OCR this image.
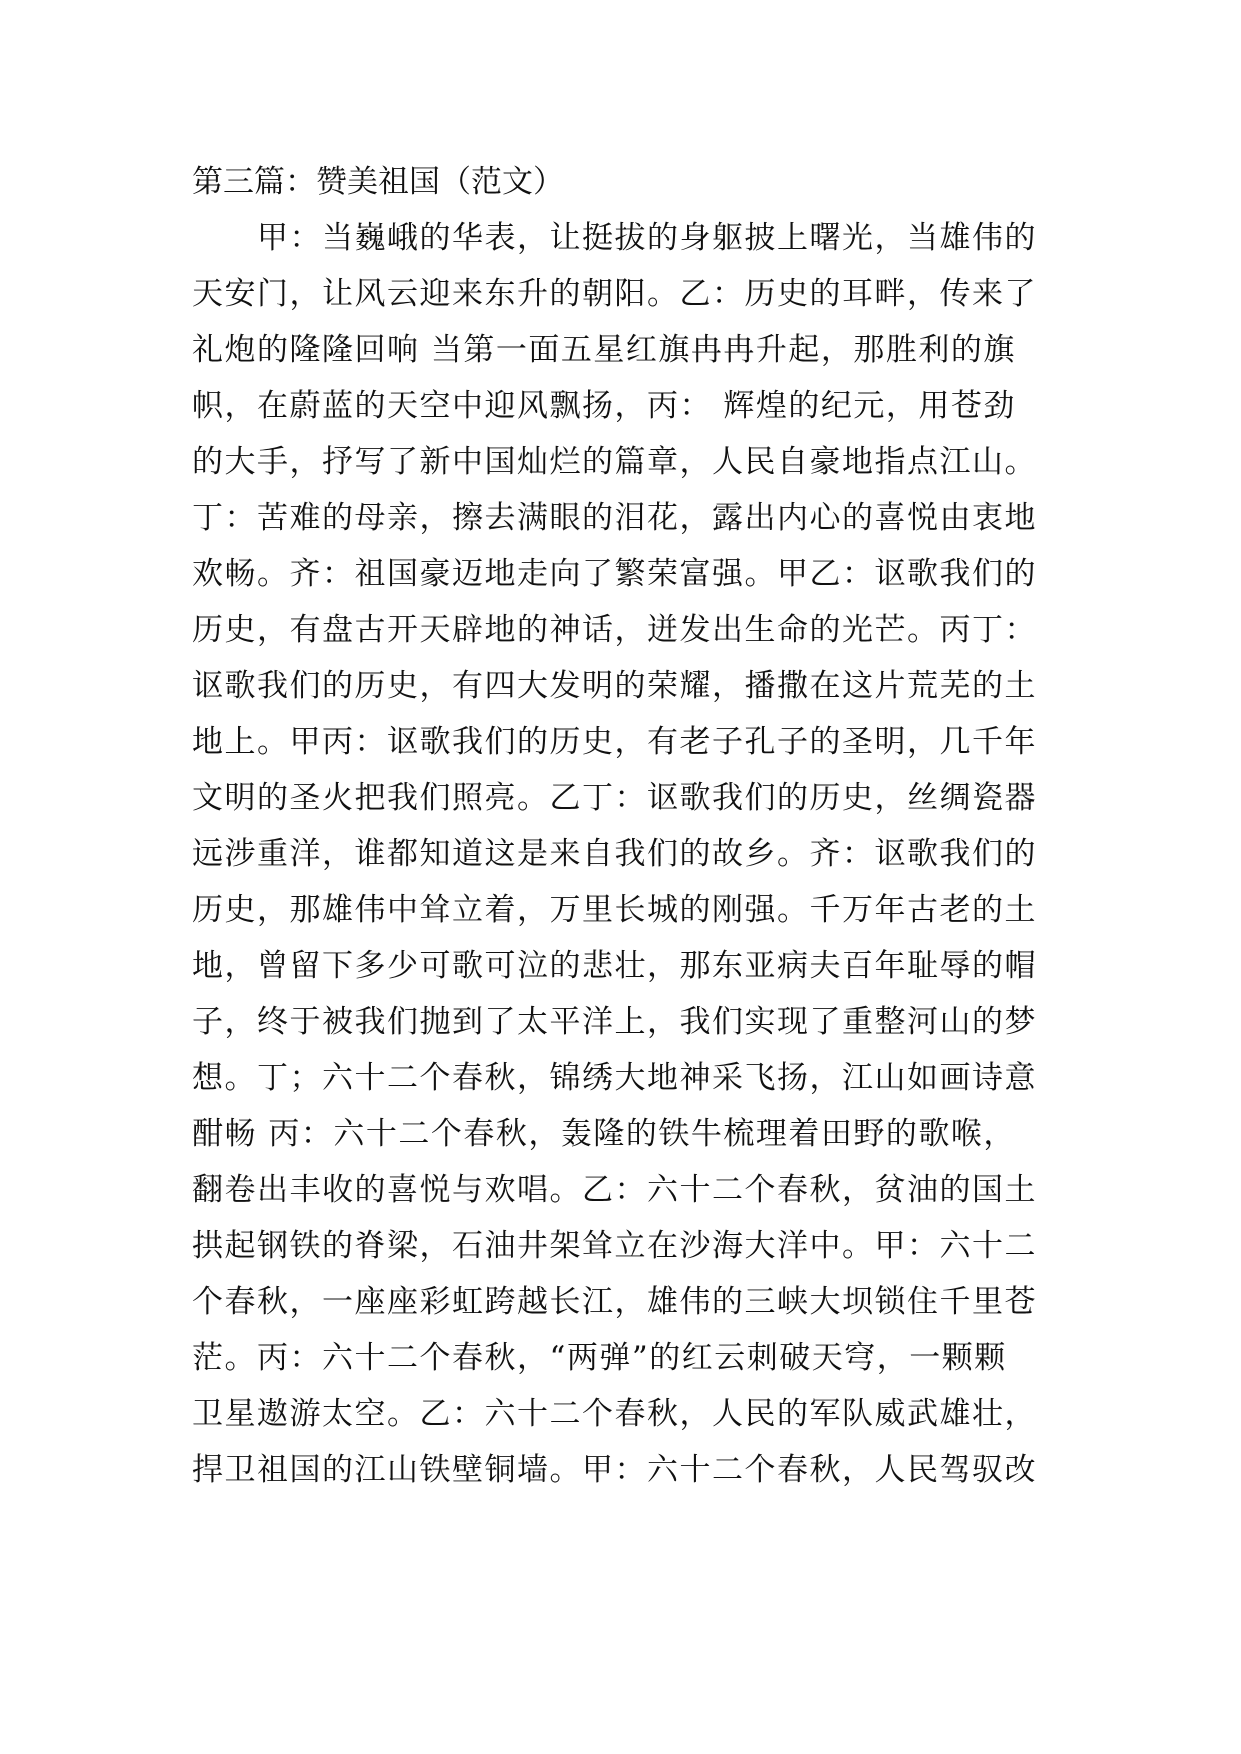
第三篇：赞美祖国（范文）
　　甲：当巍峨的华表，让挺拔的身躯披上曙光，当雄伟的
天安门，让风云迎来东升的朝阳。乙：历史的耳畔，传来了
礼炮的隆隆回响 当第一面五星红旗冉冉升起，那胜利的旗
帜，在蔚蓝的天空中迎风飘扬，丙： 辉煌的纪元，用苍劲
的大手，抒写了新中国灿烂的篇章，人民自豪地指点江山。
丁：苦难的母亲，擦去满眼的泪花，露出内心的喜悦由衷地
欢畅。齐：祖国豪迈地走向了繁荣富强。甲乙：讴歌我们的
历史，有盘古开天辟地的神话，迸发出生命的光芒。丙丁：
讴歌我们的历史，有四大发明的荣耀，播撒在这片荒芜的土
地上。甲丙：讴歌我们的历史，有老子孔子的圣明，几千年
文明的圣火把我们照亮。乙丁：讴歌我们的历史，丝绸瓷器
远涉重洋，谁都知道这是来自我们的故乡。齐：讴歌我们的
历史，那雄伟中耸立着，万里长城的刚强。千万年古老的土
地，曾留下多少可歌可泣的悲壮，那东亚病夫百年耻辱的帽
子，终于被我们抛到了太平洋上，我们实现了重整河山的梦
想。丁；六十二个春秋，锦绣大地神采飞扬，江山如画诗意
酣畅 丙：六十二个春秋，轰隆的铁牛梳理着田野的歌喉，
翻卷出丰收的喜悦与欢唱。乙：六十二个春秋，贫油的国土
拱起钢铁的脊梁，石油井架耸立在沙海大洋中。甲：六十二
个春秋，一座座彩虹跨越长江，雄伟的三峡大坝锁住千里苍
茫。丙：六十二个春秋，“两弹”的红云刺破天穹，一颗颗
卫星遨游太空。乙：六十二个春秋，人民的军队威武雄壮，
捍卫祖国的江山铁壁铜墙。甲：六十二个春秋，人民驾驭改
